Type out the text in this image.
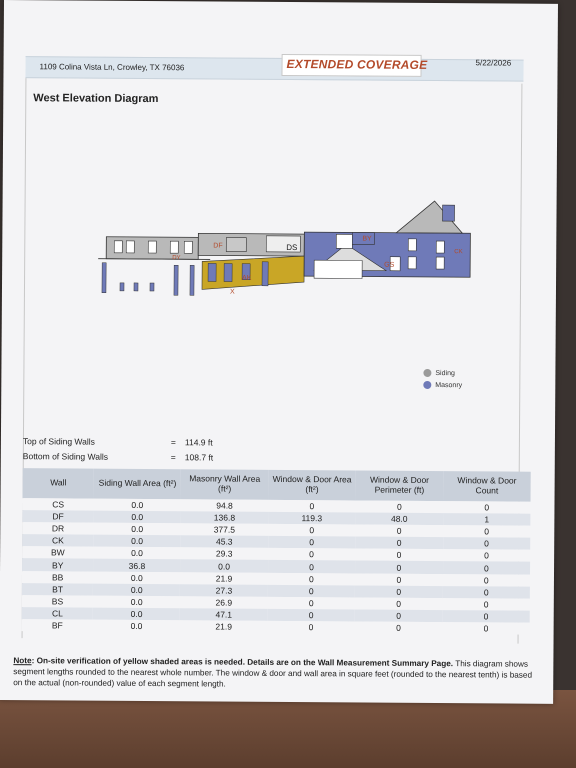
1109 Colina Vista Ln, Crowley, TX 76036	EXTENDED COVERAGE	5/22/2026
West Elevation Diagram
DF	DS
BY
GS
AK
DY
CK
X
Siding
Masonry
Top of Siding Walls	= 114.9 ft
Bottom of Siding Walls	= 108.7 ft
Wall	Siding Wall Area (ft²)	Masonry Wall Area (ft²)	Window & Door Area (ft²)	Window & Door Perimeter (ft)	Window & Door Count
CS	0.0	94.8	0	0	0
DF	0.0	136.8	119.3	48.0	1
DR	0.0	377.5	0	0	0
CK	0.0	45.3	0	0	0
BW	0.0	29.3	0	0	0
BY	36.8	0.0	0	0	0
BB	0.0	21.9	0	0	0
BT	0.0	27.3	0	0	0
BS	0.0	26.9	0	0	0
CL	0.0	47.1	0	0	0
BF	0.0	21.9	0	0	0
Note: On-site verification of yellow shaded areas is needed. Details are on the Wall Measurement Summary Page. This diagram shows segment lengths rounded to the nearest whole number. The window & door and wall area in square feet (rounded to the nearest tenth) is based on the actual (non-rounded) value of each segment length.
